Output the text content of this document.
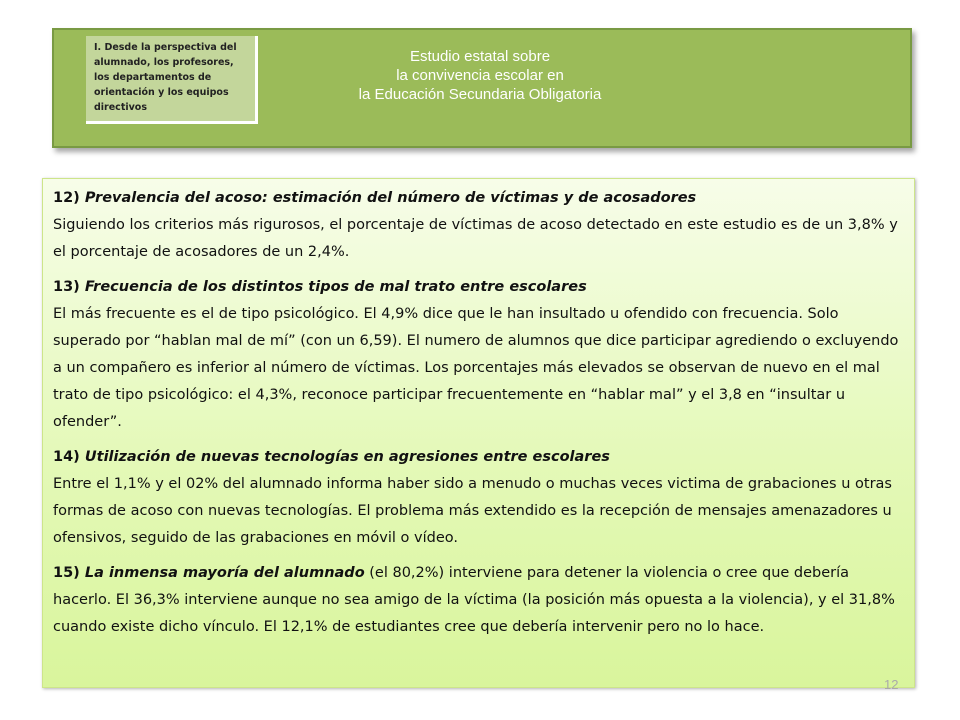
I. Desde la perspectiva del alumnado, los profesores, los departamentos de orientación y los equipos directivos
Estudio estatal sobre
la convivencia escolar en
la Educación Secundaria Obligatoria
12) Prevalencia del acoso: estimación del número de víctimas y de acosadores
Siguiendo los criterios más rigurosos, el porcentaje de víctimas de acoso detectado en este estudio es de un 3,8% y el porcentaje de acosadores de un 2,4%.
13) Frecuencia de los distintos tipos de mal trato entre escolares
El más frecuente es el de tipo psicológico. El 4,9% dice que le han insultado u ofendido con frecuencia. Solo superado por “hablan mal de mí” (con un 6,59). El numero de alumnos que dice participar agrediendo o excluyendo a un compañero es inferior al número de víctimas. Los porcentajes más elevados se observan de nuevo en el mal trato de tipo psicológico: el 4,3%, reconoce participar frecuentemente en “hablar mal” y el 3,8 en “insultar u ofender”.
14) Utilización de nuevas tecnologías en agresiones entre escolares
Entre el 1,1% y el 02% del alumnado informa haber sido a menudo o muchas veces victima de grabaciones u otras formas de acoso con nuevas tecnologías. El problema más extendido es la recepción de mensajes amenazadores u ofensivos, seguido de las grabaciones en móvil o vídeo.
15) La inmensa mayoría del alumnado (el 80,2%) interviene para detener la violencia o cree que debería hacerlo. El 36,3% interviene aunque no sea amigo de la víctima (la posición más opuesta a la violencia), y el 31,8% cuando existe dicho vínculo. El 12,1% de estudiantes cree que debería intervenir pero no lo hace.
12
